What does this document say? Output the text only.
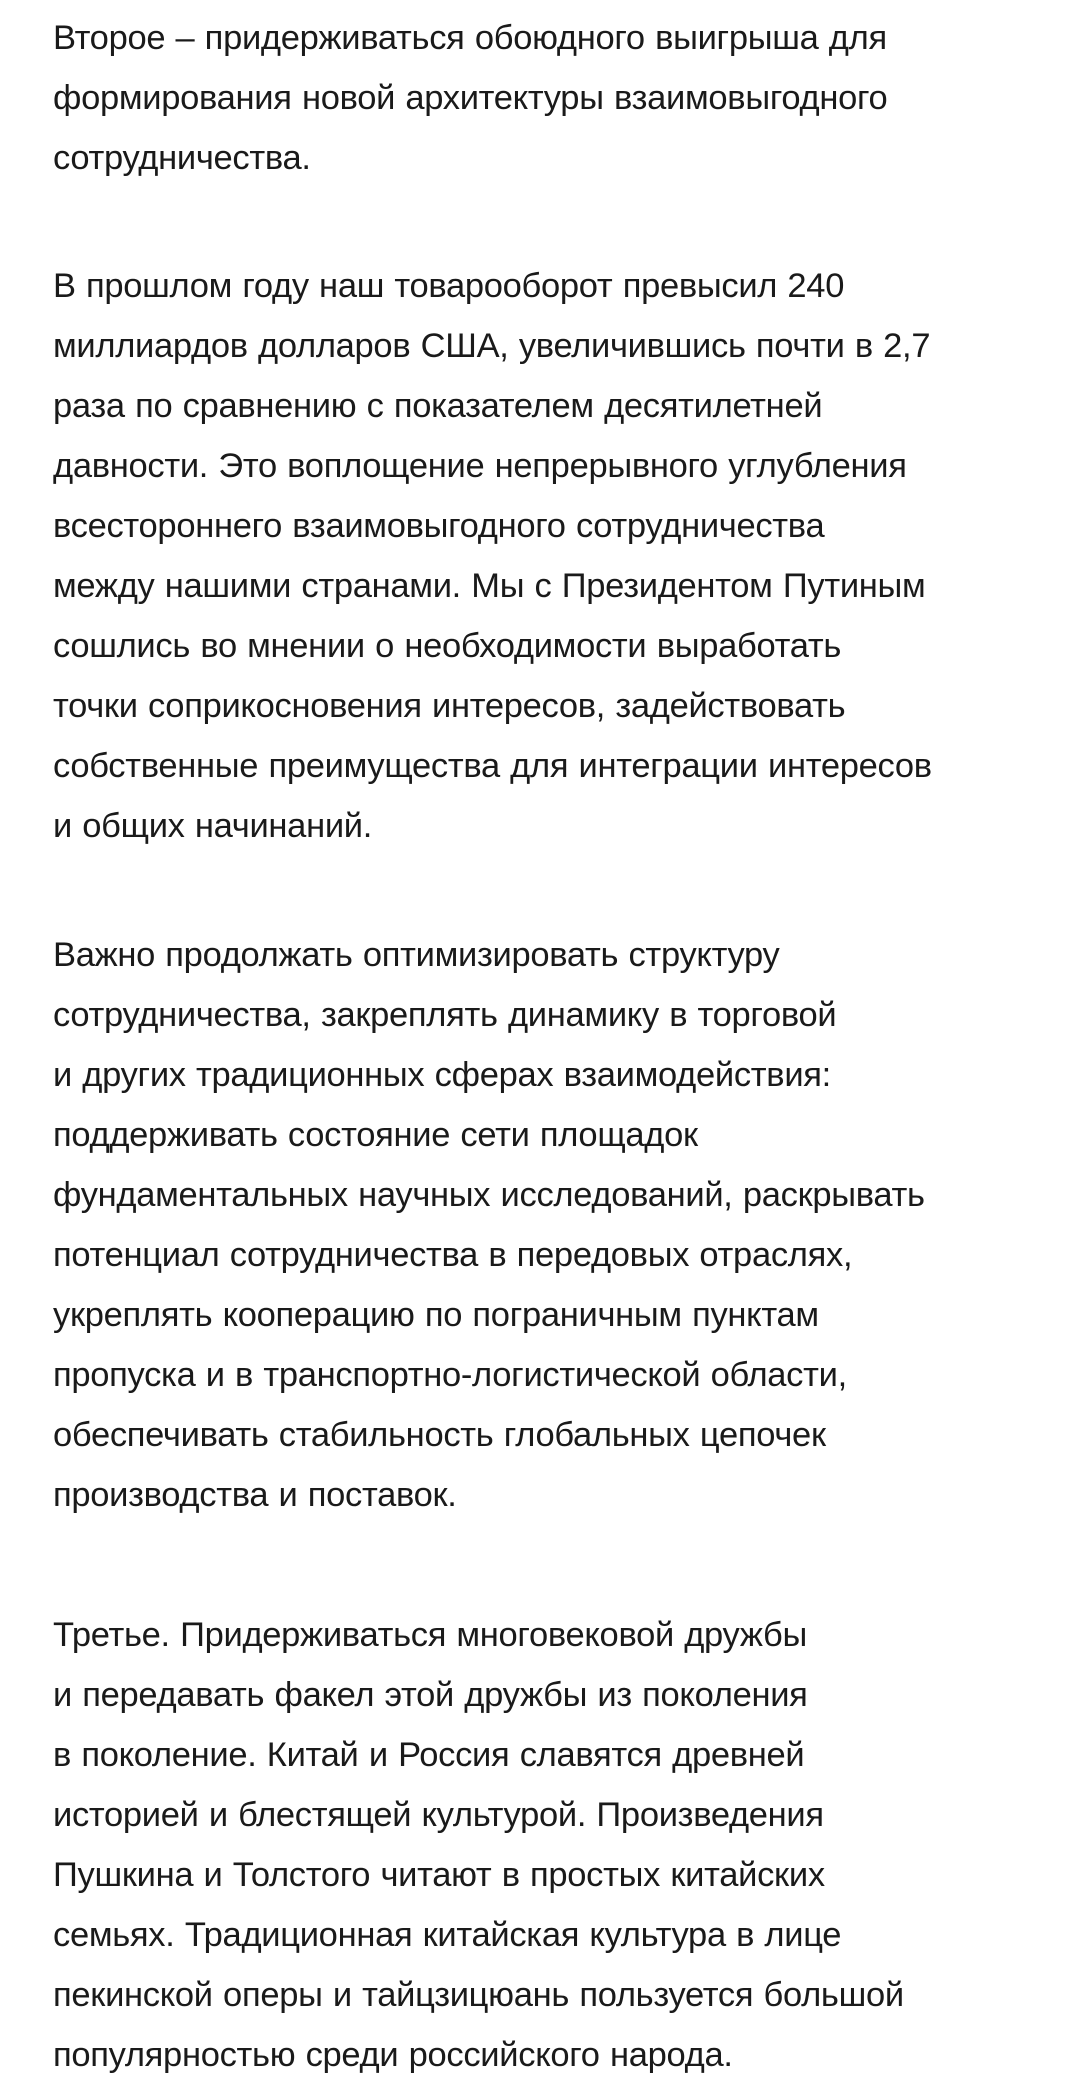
Второе – придерживаться обоюдного выигрыша для
формирования новой архитектуры взаимовыгодного
сотрудничества.

В прошлом году наш товарооборот превысил 240
миллиардов долларов США, увеличившись почти в 2,7
раза по сравнению с показателем десятилетней
давности. Это воплощение непрерывного углубления
всестороннего взаимовыгодного сотрудничества
между нашими странами. Мы с Президентом Путиным
сошлись во мнении о необходимости выработать
точки соприкосновения интересов, задействовать
собственные преимущества для интеграции интересов
и общих начинаний.

Важно продолжать оптимизировать структуру
сотрудничества, закреплять динамику в торговой
и других традиционных сферах взаимодействия:
поддерживать состояние сети площадок
фундаментальных научных исследований, раскрывать
потенциал сотрудничества в передовых отраслях,
укреплять кооперацию по пограничным пунктам
пропуска и в транспортно-логистической области,
обеспечивать стабильность глобальных цепочек
производства и поставок.

Третье. Придерживаться многовековой дружбы
и передавать факел этой дружбы из поколения
в поколение. Китай и Россия славятся древней
историей и блестящей культурой. Произведения
Пушкина и Толстого читают в простых китайских
семьях. Традиционная китайская культура в лице
пекинской оперы и тайцзицюань пользуется большой
популярностью среди российского народа.
